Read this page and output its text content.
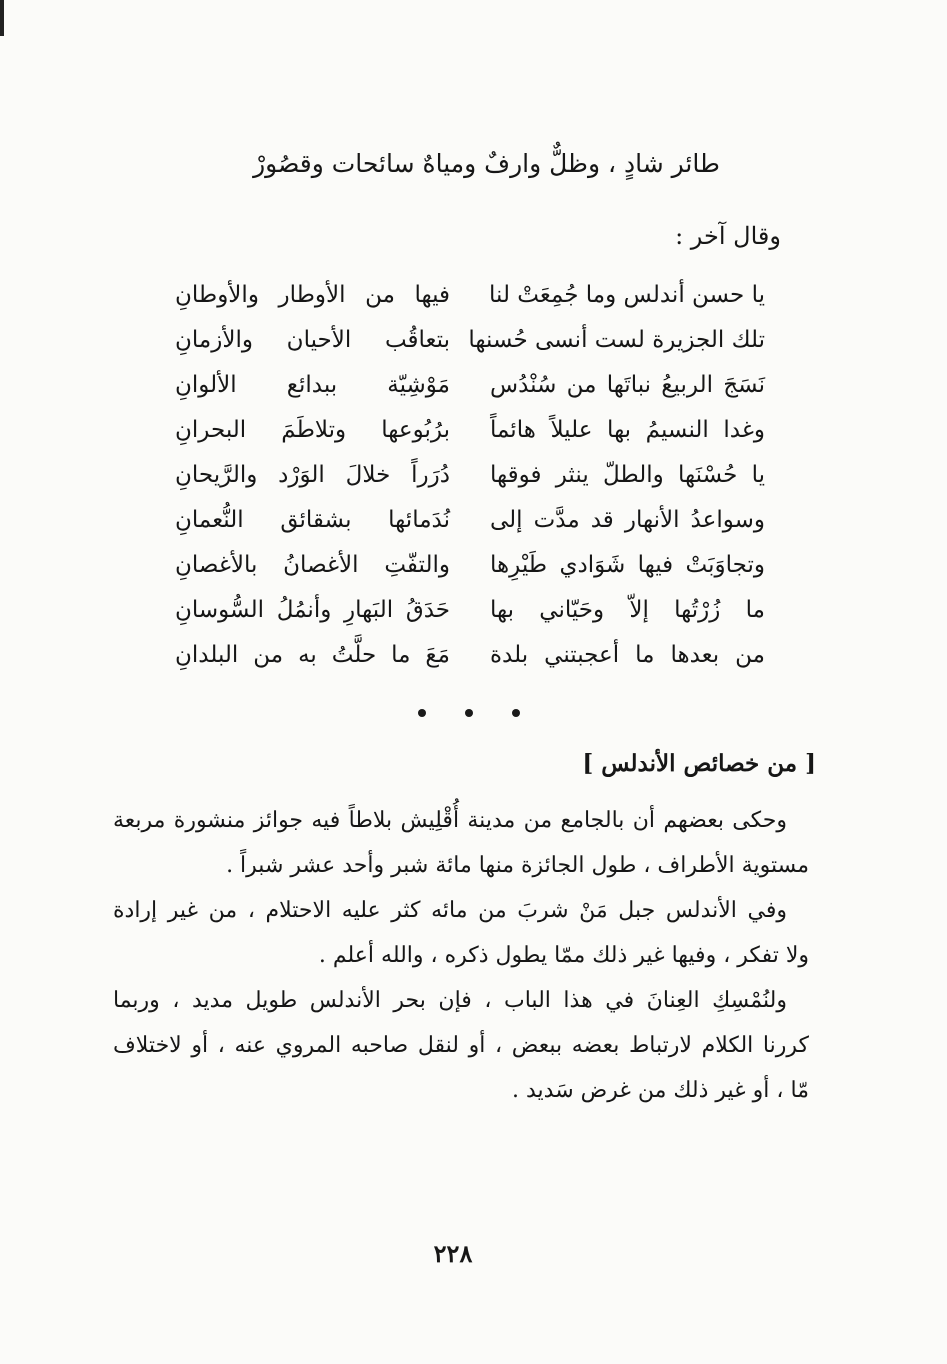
طائر شادٍ ، وظلٌّ وارفٌ ومياهٌ سائحات وقصُورْ
وقال آخر :
يا حسن أندلس وما جُمِعَتْ لنا
فيها من الأوطار والأوطانِ
تلك الجزيرة لست أنسى حُسنها
بتعاقُب الأحيان والأزمانِ
نَسَجَ الربيعُ نباتَها من سُنْدُس
مَوْشِيّة ببدائع الألوانِ
وغدا النسيمُ بها عليلاً هائماً
برُبُوعها وتلاطَمَ البحرانِ
يا حُسْنَها والطلّ ينثر فوقها
دُرَراً خلالَ الوَرْد والرَّيحانِ
وسواعدُ الأنهار قد مدَّت إلى
نُدَمائها بشقائق النُّعمانِ
وتجاوَبَتْ فيها شَوَادي طَيْرِها
والتفّتِ الأغصانُ بالأغصانِ
ما زُرْتُها إلاّ وحَيّاني بها
حَدَقُ البَهارِ وأنمُلُ السُّوسانِ
من بعدها ما أعجبتني بلدة
مَعَ ما حلَّتُ به من البلدانِ
[ من خصائص الأندلس ]
وحكى بعضهم أن بالجامع من مدينة أُقْلِيش بلاطاً فيه جوائز منشورة مربعة
مستوية الأطراف ، طول الجائزة منها مائة شبر وأحد عشر شبراً .
وفي الأندلس جبل مَنْ شربَ من مائه كثر عليه الاحتلام ، من غير إرادة
ولا تفكر ، وفيها غير ذلك ممّا يطول ذكره ، والله أعلم .
ولنُمْسِكِ العِنانَ في هذا الباب ، فإن بحر الأندلس طويل مديد ، وربما
كررنا الكلام لارتباط بعضه ببعض ، أو لنقل صاحبه المروي عنه ، أو لاختلاف
مّا ، أو غير ذلك من غرض سَديد .
٢٢٨
